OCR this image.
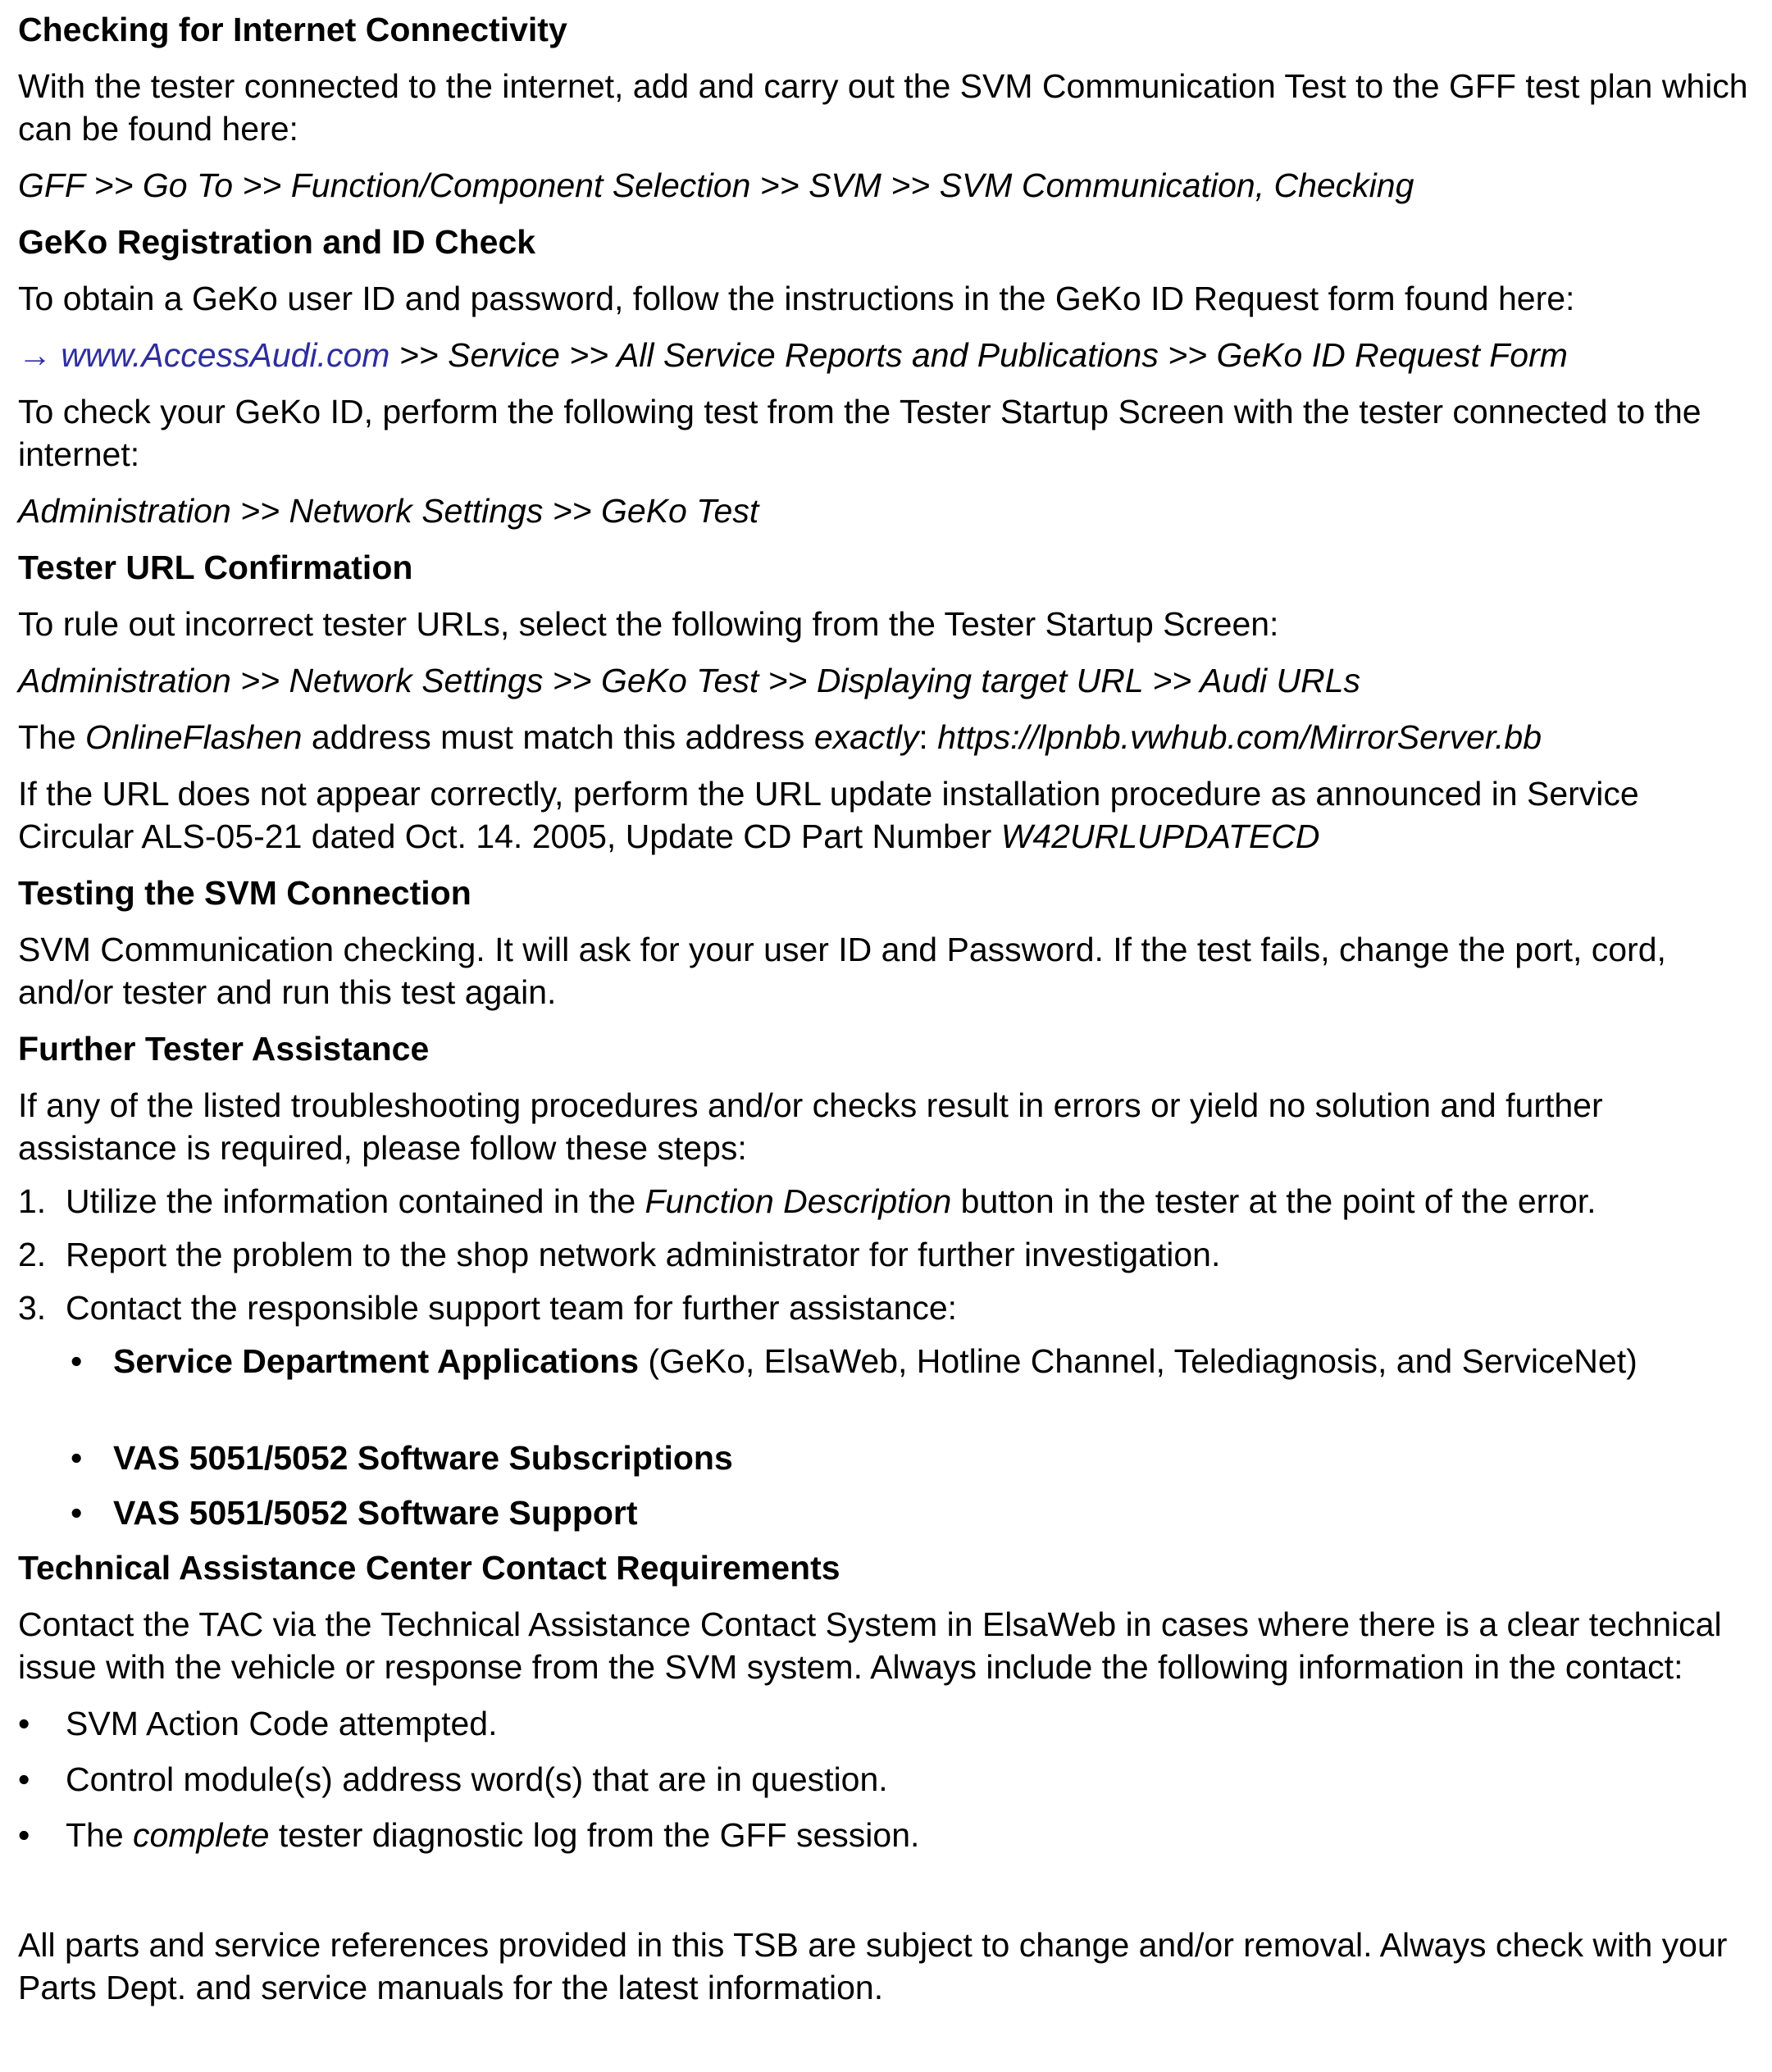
Checking for Internet Connectivity

With the tester connected to the internet, add and carry out the SVM Communication Test to the GFF test plan which can be found here:

GFF >> Go To >> Function/Component Selection >> SVM >> SVM Communication, Checking

GeKo Registration and ID Check

To obtain a GeKo user ID and password, follow the instructions in the GeKo ID Request form found here:

→ www.AccessAudi.com >> Service >> All Service Reports and Publications >> GeKo ID Request Form

To check your GeKo ID, perform the following test from the Tester Startup Screen with the tester connected to the internet:

Administration >> Network Settings >> GeKo Test

Tester URL Confirmation

To rule out incorrect tester URLs, select the following from the Tester Startup Screen:

Administration >> Network Settings >> GeKo Test >> Displaying target URL >> Audi URLs

The OnlineFlashen address must match this address exactly: https://lpnbb.vwhub.com/MirrorServer.bb

If the URL does not appear correctly, perform the URL update installation procedure as announced in Service Circular ALS-05-21 dated Oct. 14. 2005, Update CD Part Number W42URLUPDATECD

Testing the SVM Connection

SVM Communication checking. It will ask for your user ID and Password. If the test fails, change the port, cord, and/or tester and run this test again.

Further Tester Assistance

If any of the listed troubleshooting procedures and/or checks result in errors or yield no solution and further assistance is required, please follow these steps:

1. Utilize the information contained in the Function Description button in the tester at the point of the error.
2. Report the problem to the shop network administrator for further investigation.
3. Contact the responsible support team for further assistance:
• Service Department Applications (GeKo, ElsaWeb, Hotline Channel, Telediagnosis, and ServiceNet)
• VAS 5051/5052 Software Subscriptions
• VAS 5051/5052 Software Support
Technical Assistance Center Contact Requirements

Contact the TAC via the Technical Assistance Contact System in ElsaWeb in cases where there is a clear technical issue with the vehicle or response from the SVM system. Always include the following information in the contact:

• SVM Action Code attempted.
• Control module(s) address word(s) that are in question.
• The complete tester diagnostic log from the GFF session.

All parts and service references provided in this TSB are subject to change and/or removal. Always check with your Parts Dept. and service manuals for the latest information.
